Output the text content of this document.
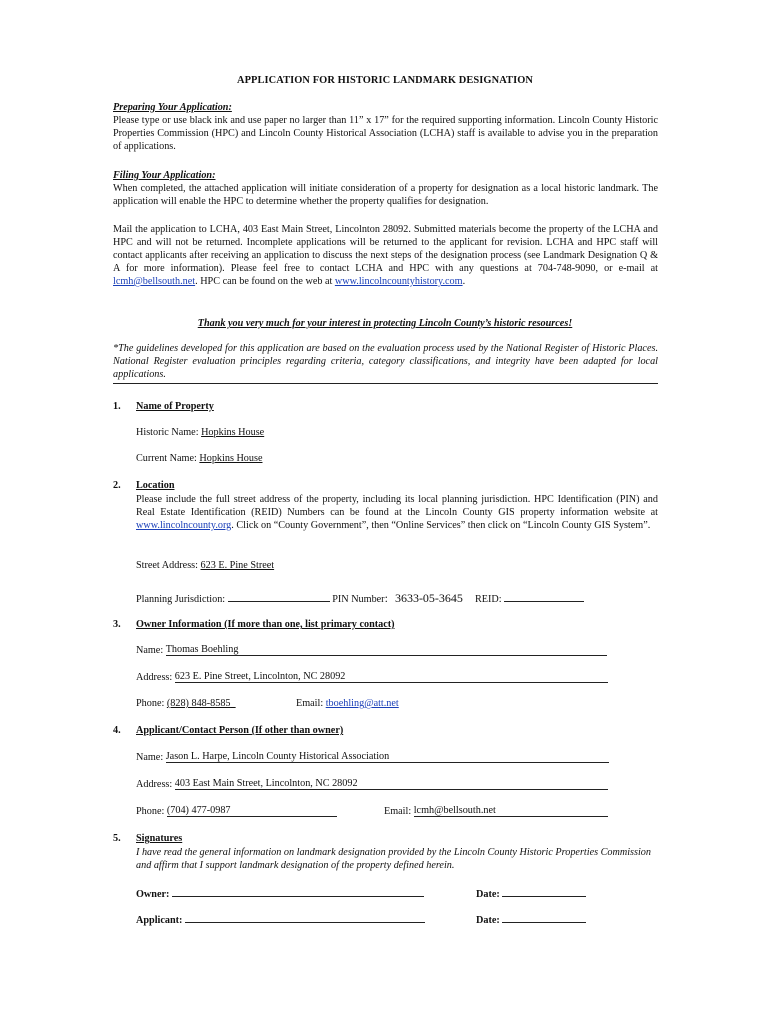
APPLICATION FOR HISTORIC LANDMARK DESIGNATION
Preparing Your Application:
Please type or use black ink and use paper no larger than 11” x 17” for the required supporting information. Lincoln County Historic Properties Commission (HPC) and Lincoln County Historical Association (LCHA) staff is available to advise you in the preparation of applications.
Filing Your Application:
When completed, the attached application will initiate consideration of a property for designation as a local historic landmark. The application will enable the HPC to determine whether the property qualifies for designation.
Mail the application to LCHA, 403 East Main Street, Lincolnton 28092. Submitted materials become the property of the LCHA and HPC and will not be returned. Incomplete applications will be returned to the applicant for revision. LCHA and HPC staff will contact applicants after receiving an application to discuss the next steps of the designation process (see Landmark Designation Q & A for more information). Please feel free to contact LCHA and HPC with any questions at 704-748-9090, or e-mail at lcmh@bellsouth.net. HPC can be found on the web at www.lincolncountyhistory.com.
Thank you very much for your interest in protecting Lincoln County’s historic resources!
*The guidelines developed for this application are based on the evaluation process used by the National Register of Historic Places. National Register evaluation principles regarding criteria, category classifications, and integrity have been adapted for local applications.
1. Name of Property
Historic Name: Hopkins House
Current Name: Hopkins House
2. Location
Please include the full street address of the property, including its local planning jurisdiction. HPC Identification (PIN) and Real Estate Identification (REID) Numbers can be found at the Lincoln County GIS property information website at www.lincolncounty.org. Click on “County Government”, then “Online Services” then click on “Lincoln County GIS System”.
Street Address: 623 E. Pine Street
Planning Jurisdiction:	PIN Number: 3633-05-3645 REID:
3. Owner Information (If more than one, list primary contact)
Name: Thomas Boehling
Address: 623 E. Pine Street, Lincolnton, NC 28092
Phone: (828) 848-8585	Email: tboehling@att.net
4. Applicant/Contact Person (If other than owner)
Name: Jason L. Harpe, Lincoln County Historical Association
Address: 403 East Main Street, Lincolnton, NC 28092
Phone: (704) 477-0987	Email: lcmh@bellsouth.net
5. Signatures
I have read the general information on landmark designation provided by the Lincoln County Historic Properties Commission and affirm that I support landmark designation of the property defined herein.
Owner:	Date:
Applicant:	Date:
